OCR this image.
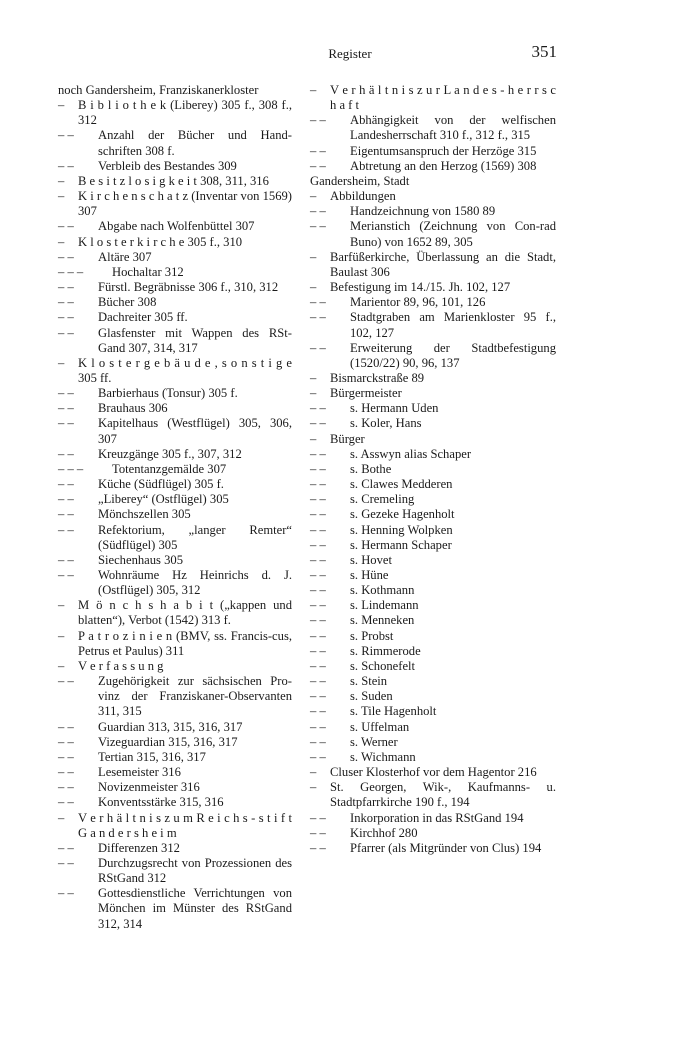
Register	351
noch Gandersheim, Franziskanerkloster
– B i b l i o t h e k (Liberey) 305 f., 308 f., 312
– – Anzahl der Bücher und Hand-schriften 308 f.
– – Verbleib des Bestandes 309
– B e s i t z l o s i g k e i t 308, 311, 316
– K i r c h e n s c h a t z (Inventar von 1569) 307
– – Abgabe nach Wolfenbüttel 307
– K l o s t e r k i r c h e 305 f., 310
– – Altäre 307
– – – Hochaltar 312
– – Fürstl. Begräbnisse 306 f., 310, 312
– – Bücher 308
– – Dachreiter 305 ff.
– – Glasfenster mit Wappen des RSt-Gand 307, 314, 317
– K l o s t e r g e b ä u d e , s o n s t i g e 305 ff.
– – Barbierhaus (Tonsur) 305 f.
– – Brauhaus 306
– – Kapitelhaus (Westflügel) 305, 306, 307
– – Kreuzgänge 305 f., 307, 312
– – – Totentanzgemälde 307
– – Küche (Südflügel) 305 f.
– – „Liberey“ (Ostflügel) 305
– – Mönchszellen 305
– – Refektorium, „langer Remter“ (Südflügel) 305
– – Siechenhaus 305
– – Wohnräume Hz Heinrichs d. J. (Ostflügel) 305, 312
– M ö n c h s h a b i t („kappen und blatten“), Verbot (1542) 313 f.
– P a t r o z i n i e n (BMV, ss. Francis-cus, Petrus et Paulus) 311
– V e r f a s s u n g
– – Zugehörigkeit zur sächsischen Pro-vinz der Franziskaner-Observanten 311, 315
– – Guardian 313, 315, 316, 317
– – Vizeguardian 315, 316, 317
– – Tertian 315, 316, 317
– – Lesemeister 316
– – Novizenmeister 316
– – Konventsstärke 315, 316
– V e r h ä l t n i s z u m R e i c h s - s t i f t G a n d e r s h e i m
– – Differenzen 312
– – Durchzugsrecht von Prozessionen des RStGand 312
– – Gottesdienstliche Verrichtungen von Mönchen im Münster des RStGand 312, 314
– V e r h ä l t n i s z u r L a n d e s - h e r r s c h a f t
– – Abhängigkeit von der welfischen Landesherrschaft 310 f., 312 f., 315
– – Eigentumsanspruch der Herzöge 315
– – Abtretung an den Herzog (1569) 308
Gandersheim, Stadt
– Abbildungen
– – Handzeichnung von 1580 89
– – Merianstich (Zeichnung von Con-rad Buno) von 1652 89, 305
– Barfüßerkirche, Überlassung an die Stadt, Baulast 306
– Befestigung im 14./15. Jh. 102, 127
– – Marientor 89, 96, 101, 126
– – Stadtgraben am Marienkloster 95 f., 102, 127
– – Erweiterung der Stadtbefestigung (1520/22) 90, 96, 137
– Bismarckstraße 89
– Bürgermeister
– – s. Hermann Uden
– – s. Koler, Hans
– Bürger
– – s. Asswyn alias Schaper
– – s. Bothe
– – s. Clawes Medderen
– – s. Cremeling
– – s. Gezeke Hagenholt
– – s. Henning Wolpken
– – s. Hermann Schaper
– – s. Hovet
– – s. Hüne
– – s. Kothmann
– – s. Lindemann
– – s. Menneken
– – s. Probst
– – s. Rimmerode
– – s. Schonefelt
– – s. Stein
– – s. Suden
– – s. Tile Hagenholt
– – s. Uffelman
– – s. Werner
– – s. Wichmann
– Cluser Klosterhof vor dem Hagentor 216
– St. Georgen, Wik-, Kaufmanns- u. Stadtpfarrkirche 190 f., 194
– – Inkorporation in das RStGand 194
– – Kirchhof 280
– – Pfarrer (als Mitgründer von Clus) 194
